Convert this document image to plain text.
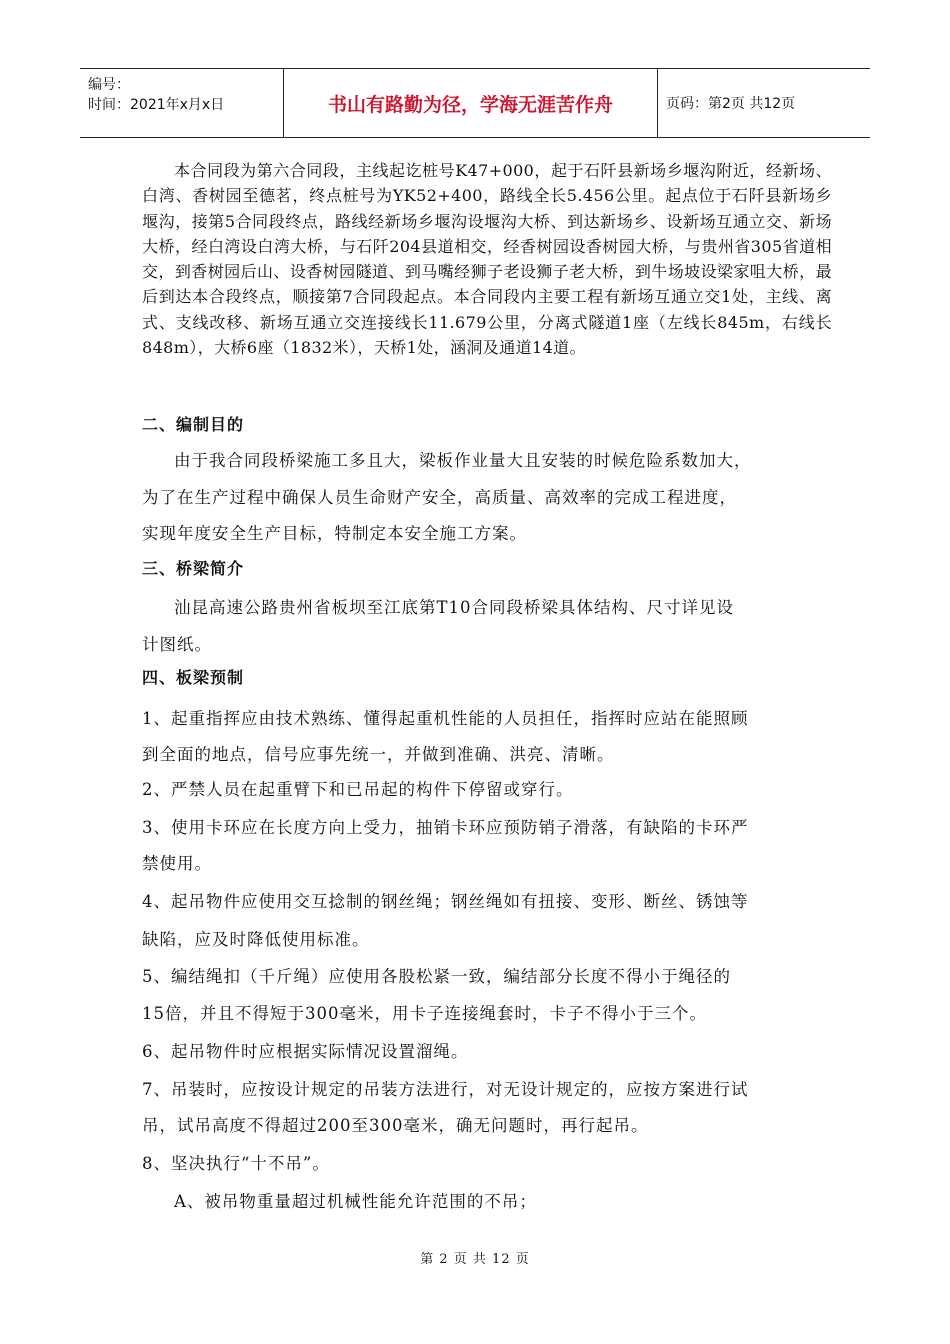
编号：
时间：2021年x月x日	书山有路勤为径，学海无涯苦作舟	页码：第2页 共12页
本合同段为第六合同段，主线起讫桩号K47+000，起于石阡县新场乡堰沟附近，经新场、白湾、香树园至德茗，终点桩号为YK52+400，路线全长5.456公里。起点位于石阡县新场乡堰沟，接第5合同段终点，路线经新场乡堰沟设堰沟大桥、到达新场乡、设新场互通立交、新场大桥，经白湾设白湾大桥，与石阡204县道相交，经香树园设香树园大桥，与贵州省305省道相交，到香树园后山、设香树园隧道、到马嘴经狮子老设狮子老大桥，到牛场坡设梁家咀大桥，最后到达本合段终点，顺接第7合同段起点。本合同段内主要工程有新场互通立交1处，主线、离式、支线改移、新场互通立交连接线长11.679公里，分离式隧道1座（左线长845m，右线长848m），大桥6座（1832米），天桥1处，涵洞及通道14道。
二、编制目的
由于我合同段桥梁施工多且大，梁板作业量大且安装的时候危险系数加大，
为了在生产过程中确保人员生命财产安全，高质量、高效率的完成工程进度，
实现年度安全生产目标，特制定本安全施工方案。
三、桥梁简介
汕昆高速公路贵州省板坝至江底第T10合同段桥梁具体结构、尺寸详见设
计图纸。
四、板梁预制
1、起重指挥应由技术熟练、懂得起重机性能的人员担任，指挥时应站在能照顾
到全面的地点，信号应事先统一，并做到准确、洪亮、清晰。
2、严禁人员在起重臂下和已吊起的构件下停留或穿行。
3、使用卡环应在长度方向上受力，抽销卡环应预防销子滑落，有缺陷的卡环严
禁使用。
4、起吊物件应使用交互捻制的钢丝绳；钢丝绳如有扭接、变形、断丝、锈蚀等
缺陷，应及时降低使用标准。
5、编结绳扣（千斤绳）应使用各股松紧一致，编结部分长度不得小于绳径的
15倍，并且不得短于300毫米，用卡子连接绳套时，卡子不得小于三个。
6、起吊物件时应根据实际情况设置溜绳。
7、吊装时，应按设计规定的吊装方法进行，对无设计规定的，应按方案进行试
吊，试吊高度不得超过200至300毫米，确无问题时，再行起吊。
8、坚决执行“十不吊”。
A、被吊物重量超过机械性能允许范围的不吊；
第 2 页 共 12 页
